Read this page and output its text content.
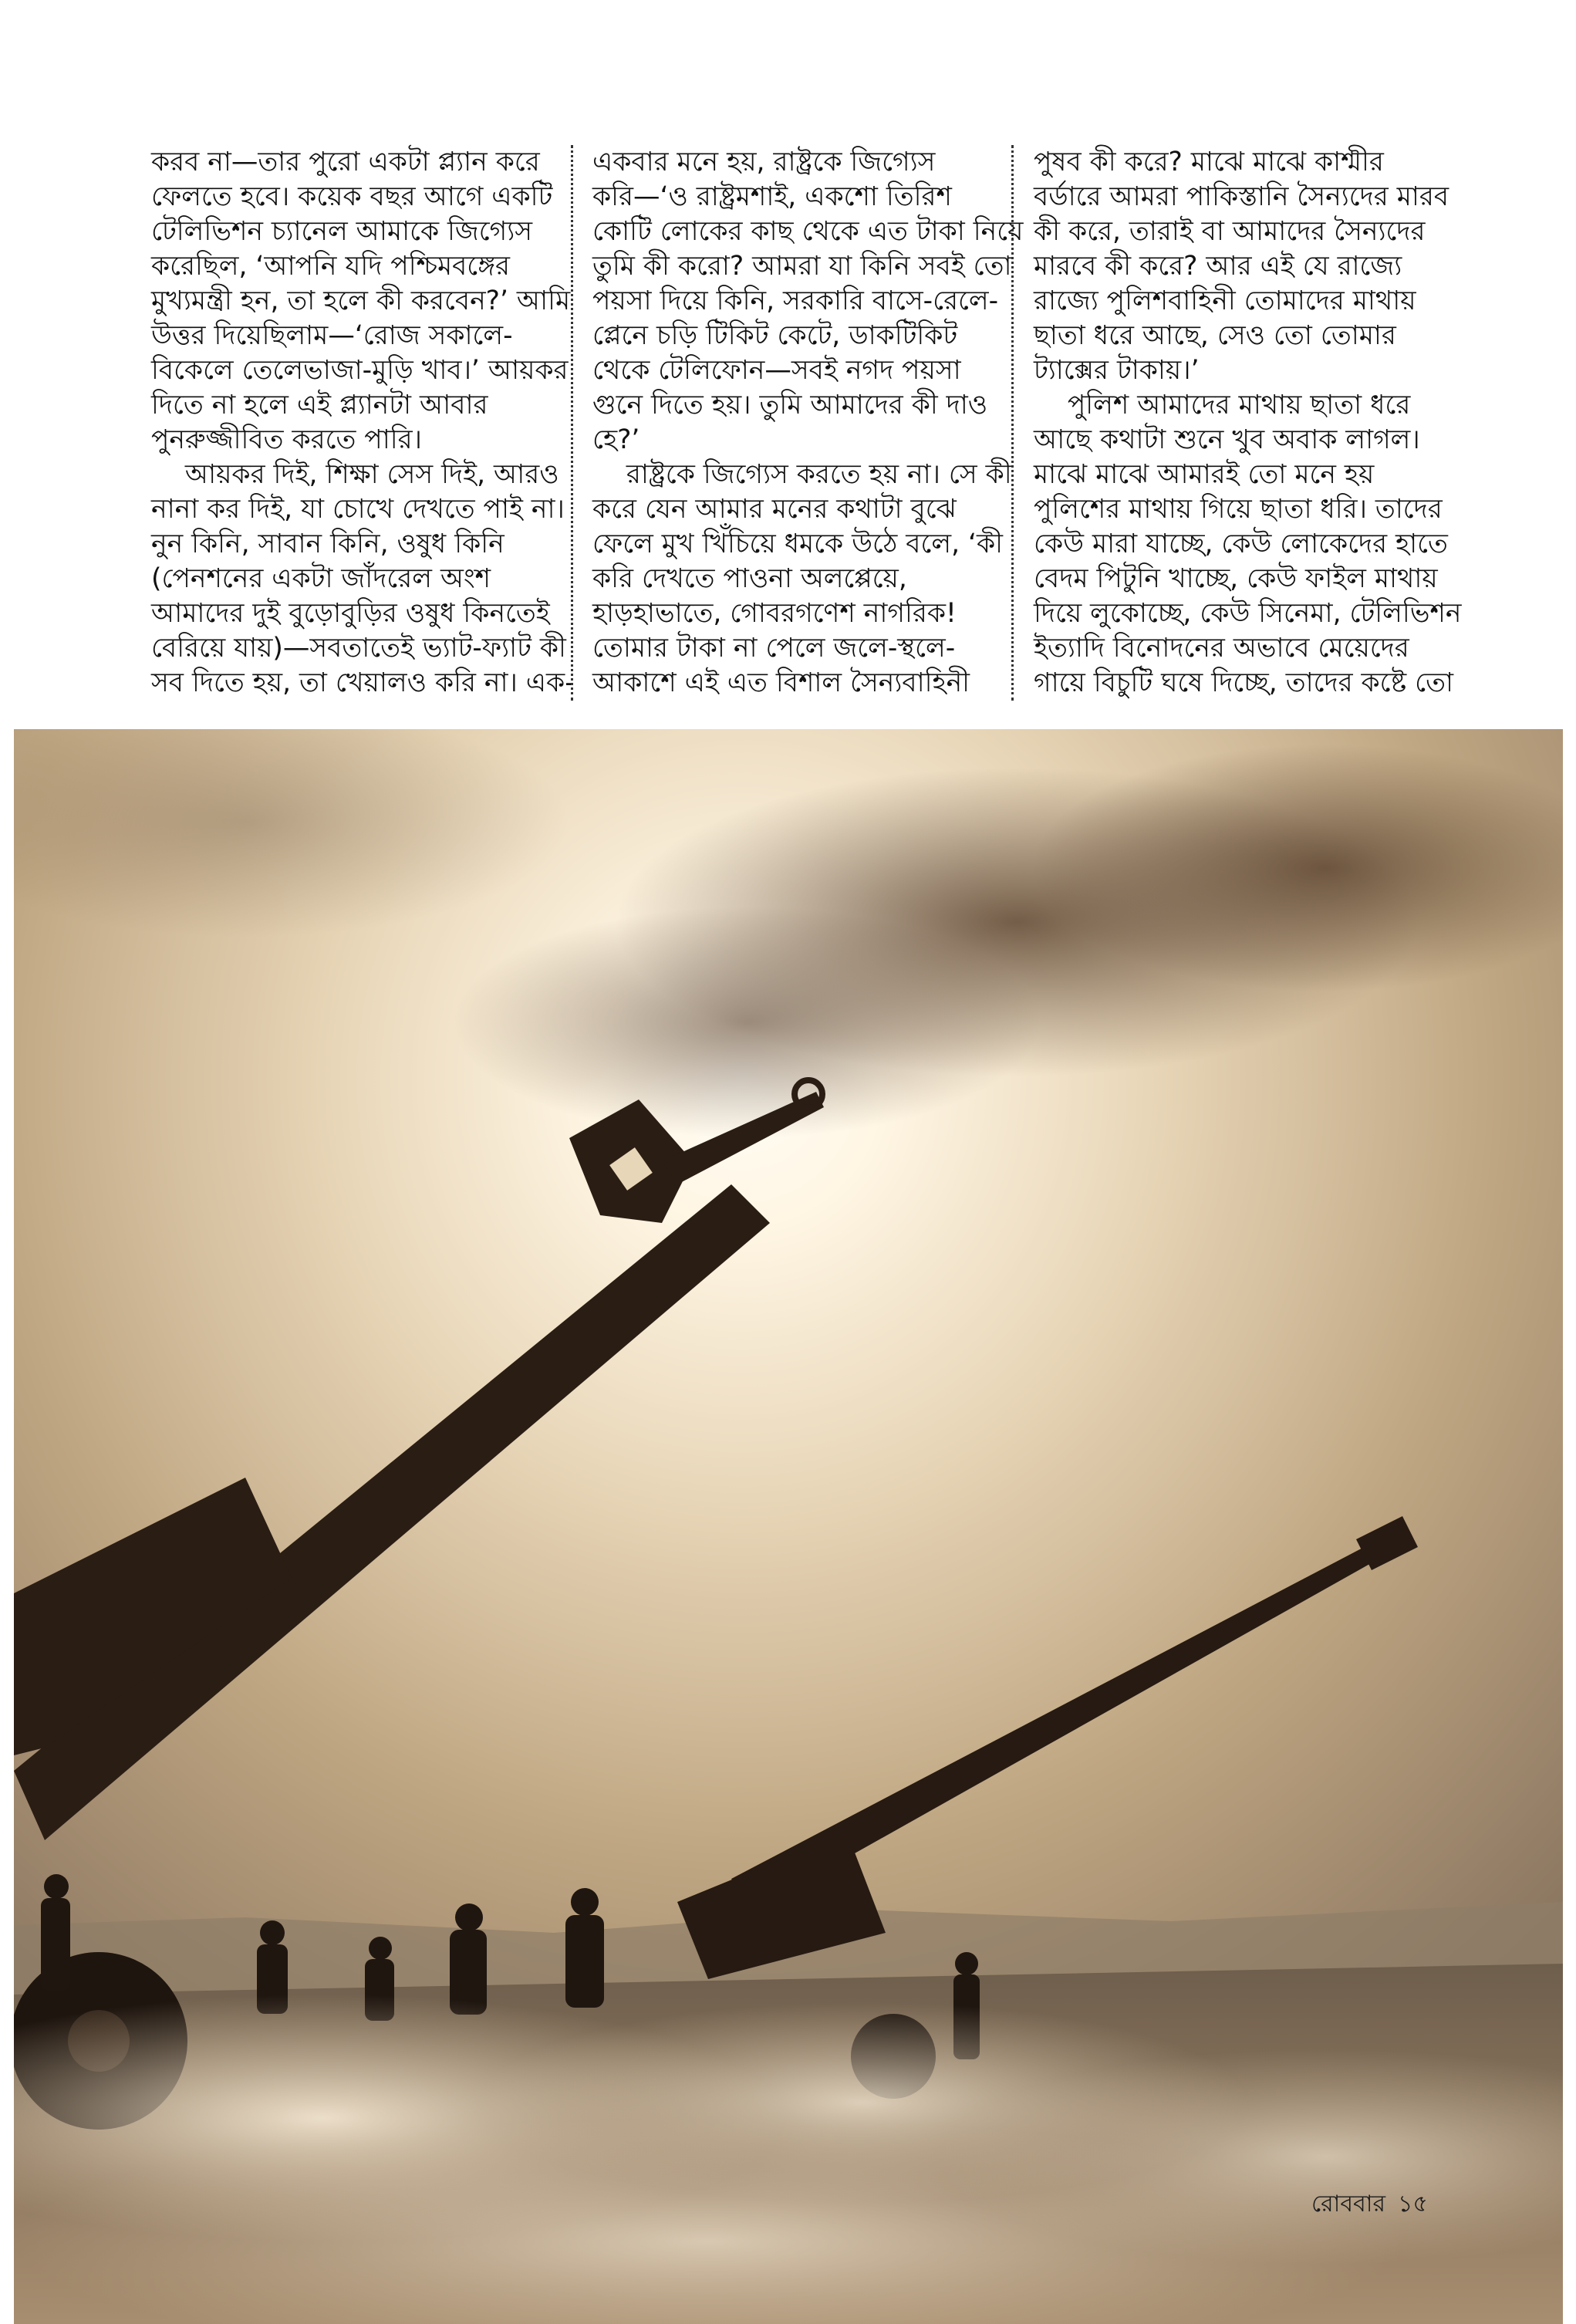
করব না—তার পুরো একটা প্ল্যান করে
ফেলতে হবে। কয়েক বছর আগে একটি
টেলিভিশন চ্যানেল আমাকে জিগ্যেস
করেছিল, ‘আপনি যদি পশ্চিমবঙ্গের
মুখ্যমন্ত্রী হন, তা হলে কী করবেন?’ আমি
উত্তর দিয়েছিলাম—‘রোজ সকালে-
বিকেলে তেলেভাজা-মুড়ি খাব।’ আয়কর
দিতে না হলে এই প্ল্যানটা আবার
পুনরুজ্জীবিত করতে পারি।
আয়কর দিই, শিক্ষা সেস দিই, আরও
নানা কর দিই, যা চোখে দেখতে পাই না।
নুন কিনি, সাবান কিনি, ওষুধ কিনি
(পেনশনের একটা জাঁদরেল অংশ
আমাদের দুই বুড়োবুড়ির ওষুধ কিনতেই
বেরিয়ে যায়)—সবতাতেই ভ্যাট-ফ্যাট কী
সব দিতে হয়, তা খেয়ালও করি না। এক-
একবার মনে হয়, রাষ্ট্রকে জিগ্যেস
করি—‘ও রাষ্ট্রমশাই, একশো তিরিশ
কোটি লোকের কাছ থেকে এত টাকা নিয়ে
তুমি কী করো? আমরা যা কিনি সবই তো
পয়সা দিয়ে কিনি, সরকারি বাসে-রেলে-
প্লেনে চড়ি টিকিট কেটে, ডাকটিকিট
থেকে টেলিফোন—সবই নগদ পয়সা
গুনে দিতে হয়। তুমি আমাদের কী দাও
হে?’
রাষ্ট্রকে জিগ্যেস করতে হয় না। সে কী
করে যেন আমার মনের কথাটা বুঝে
ফেলে মুখ খিঁচিয়ে ধমকে উঠে বলে, ‘কী
করি দেখতে পাওনা অলপ্পেয়ে,
হাড়হাভাতে, গোবরগণেশ নাগরিক!
তোমার টাকা না পেলে জলে-স্থলে-
আকাশে এই এত বিশাল সৈন্যবাহিনী
পুষব কী করে? মাঝে মাঝে কাশ্মীর
বর্ডারে আমরা পাকিস্তানি সৈন্যদের মারব
কী করে, তারাই বা আমাদের সৈন্যদের
মারবে কী করে? আর এই যে রাজ্যে
রাজ্যে পুলিশবাহিনী তোমাদের মাথায়
ছাতা ধরে আছে, সেও তো তোমার
ট্যাক্সের টাকায়।’
পুলিশ আমাদের মাথায় ছাতা ধরে
আছে কথাটা শুনে খুব অবাক লাগল।
মাঝে মাঝে আমারই তো মনে হয়
পুলিশের মাথায় গিয়ে ছাতা ধরি। তাদের
কেউ মারা যাচ্ছে, কেউ লোকেদের হাতে
বেদম পিটুনি খাচ্ছে, কেউ ফাইল মাথায়
দিয়ে লুকোচ্ছে, কেউ সিনেমা, টেলিভিশন
ইত্যাদি বিনোদনের অভাবে মেয়েদের
গায়ে বিচুটি ঘষে দিচ্ছে, তাদের কষ্টে তো
রোববার ১৫
